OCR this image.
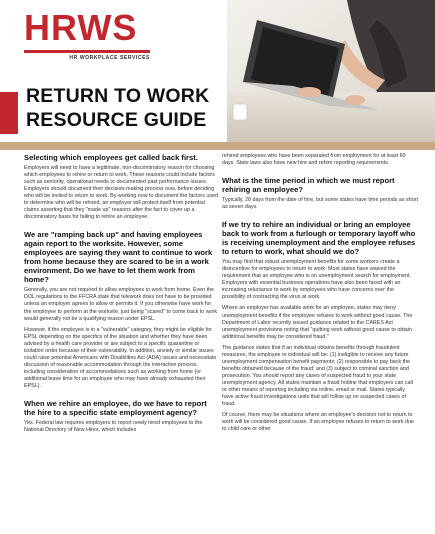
HRWS
HR WORKPLACE SERVICES
RETURN TO WORK
RESOURCE GUIDE
Selecting which employees get called back first.
Employers will need to have a legitimate, non-discriminatory reason for choosing which employees to rehire or return to work. These reasons could include factors such as seniority, operational needs or documented past performance issues. Employers should document their decision-making process now, before deciding who will be invited to return to work. By working now to document the factors used to determine who will be rehired, an employer will protect itself from potential claims asserting that they "made up" reasons after the fact to cover up a discriminatory basis for failing to rehire an employee.
We are "ramping back up" and having employees again report to the worksite. However, some employees are saying they want to continue to work from home because they are scared to be in a work environment. Do we have to let them work from home?
Generally, you are not required to allow employees to work from home. Even the DOL regulations to the FFCRA state that telework does not have to be provided unless an employer agrees to allow or permits it. If you otherwise have work for the employee to perform at the worksite, just being "scared" to come back to work would generally not be a qualifying reason under EPSL.
However, if the employee is in a "vulnerable" category, they might be eligible for EPSL depending on the specifics of the situation and whether they have been advised by a health care provider or are subject to a specific quarantine or isolation order because of their vulnerability. In addition, anxiety or similar issues could raise potential Americans with Disabilities Act (ADA) issues and necessitate discussion of reasonable accommodation through the interactive process, including consideration of accommodations such as working from home (or additional leave time for an employee who may have already exhausted their EPSL).
When we rehire an employee, do we have to report the hire to a specific state employment agency?
Yes. Federal law requires employers to report newly hired employees to the National Directory of New Hires, which includes
rehired employees who have been separated from employment for at least 60 days. State laws also have new hire and rehire reporting requirements.
What is the time period in which we must report rehiring an employee?
Typically, 20 days from the date of hire, but some states have time periods as short as seven days.
If we try to rehire an individual or bring an employee back to work from a furlough or temporary layoff who is receiving unemployment and the employee refuses to return to work, what should we do?
You may find that robust unemployment benefits for some workers create a disincentive for employees to return to work. Most states have waived the requirement that an employee who is on unemployment search for employment. Employers with essential business operations have also been faced with an increasing reluctance to work by employees who have concerns over the possibility of contracting the virus at work.
Where an employer has available work for an employee, states may deny unemployment benefits if the employee refuses to work without good cause. The Department of Labor recently issued guidance related to the CARES Act unemployment provisions noting that "quitting work without good cause to obtain additional benefits may be considered fraud."
The guidance states that if an individual obtains benefits through fraudulent measures, the employee or individual will be: (1) ineligible to receive any future unemployment compensation benefit payments; (2) responsible to pay back the benefits obtained because of the fraud; and (3) subject to criminal sanction and prosecution. You should report any cases of suspected fraud to your state unemployment agency. All states maintain a fraud hotline that employers can call or other means of reporting including via online, email or mail. States typically have active fraud investigations units that will follow up on suspected cases of fraud.
Of course, there may be situations where an employee's decision not to return to work will be considered good cause. If an employee refuses to return to work due to child care or other
